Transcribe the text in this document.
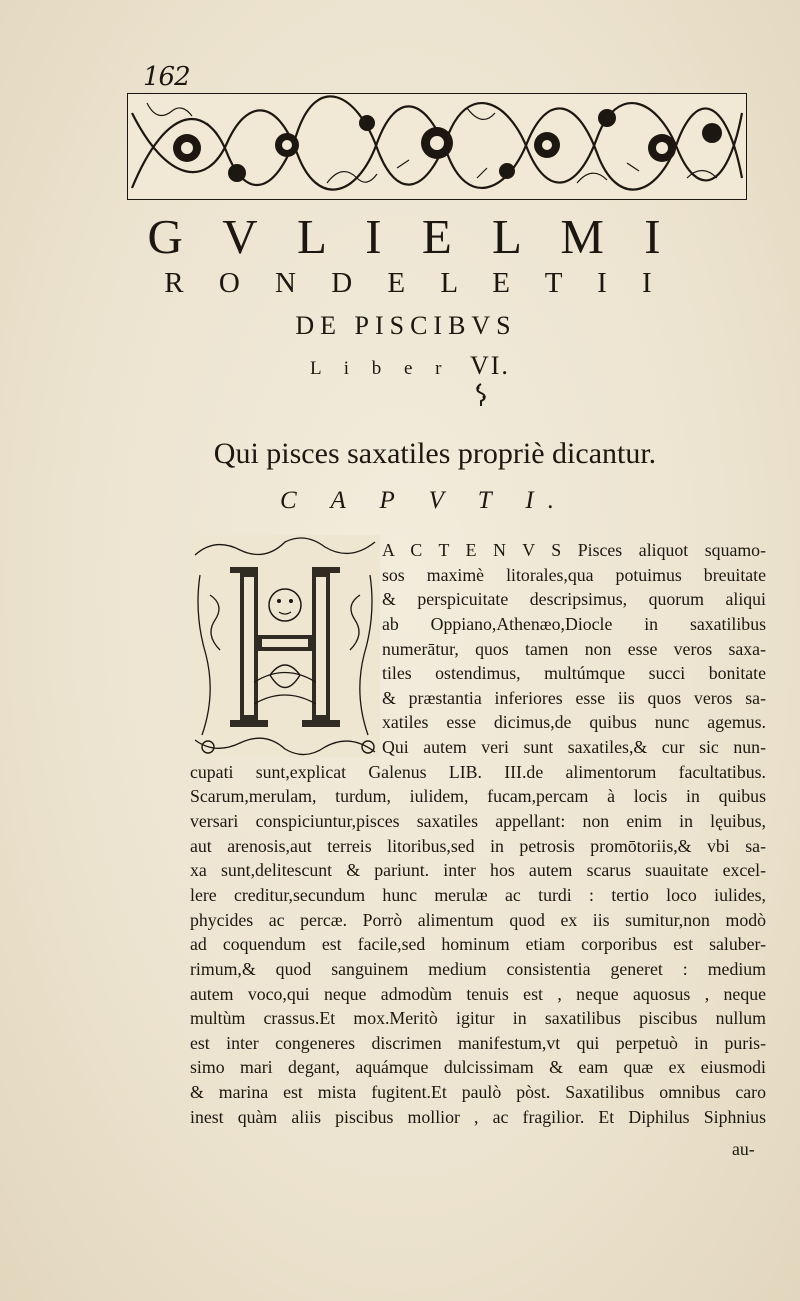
162
G V L I E L M I
R O N D E L E T I I
DE PISCIBVS
L i b e r VI.
Qui pisces saxatiles propriè dicantur.
C A P V T I.
A C T E N V S Pisces aliquot squamo-
sos maximè litorales,qua potuimus breuitate
& perspicuitate descripsimus, quorum aliqui
ab Oppiano,Athenæo,Diocle in saxatilibus
numerātur, quos tamen non esse veros saxa-
tiles ostendimus, multúmque succi bonitate
& præstantia inferiores esse iis quos veros sa-
xatiles esse dicimus,de quibus nunc agemus.
Qui autem veri sunt saxatiles,& cur sic nun-
cupati sunt,explicat Galenus LIB. III.de alimentorum facultatibus.
Scarum,merulam, turdum, iulidem, fucam,percam à locis in quibus
versari conspiciuntur,pisces saxatiles appellant: non enim in lęuibus,
aut arenosis,aut terreis litoribus,sed in petrosis promōtoriis,& vbi sa-
xa sunt,delitescunt & pariunt. inter hos autem scarus suauitate excel-
lere creditur,secundum hunc merulæ ac turdi : tertio loco iulides,
phycides ac percæ. Porrò alimentum quod ex iis sumitur,non modò
ad coquendum est facile,sed hominum etiam corporibus est saluber-
rimum,& quod sanguinem medium consistentia generet : medium
autem voco,qui neque admodùm tenuis est , neque aquosus , neque
multùm crassus.Et mox.Meritò igitur in saxatilibus piscibus nullum
est inter congeneres discrimen manifestum,vt qui perpetuò in puris-
simo mari degant, aquámque dulcissimam & eam quæ ex eiusmodi
& marina est mista fugitent.Et paulò pòst. Saxatilibus omnibus caro
inest quàm aliis piscibus mollior , ac fragilior. Et Diphilus Siphnius
au-
